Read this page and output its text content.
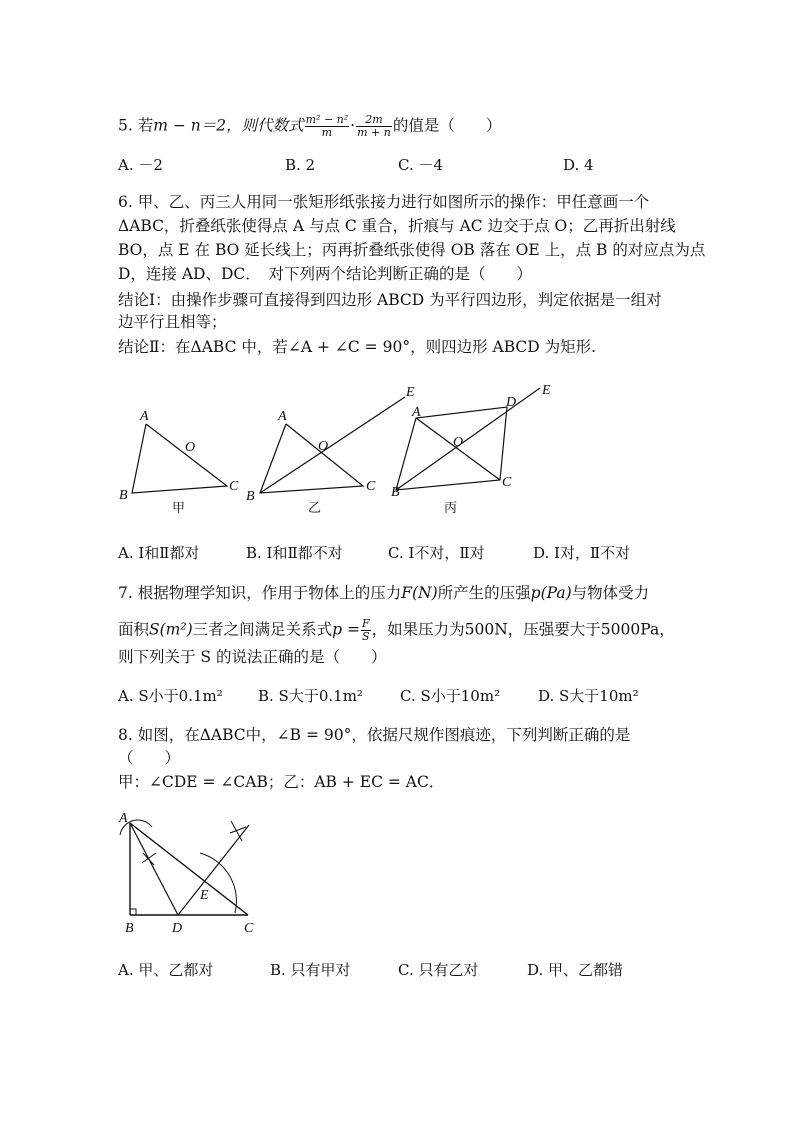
5. 若m − n＝2，则代数式 $\frac{\text{m² − n²}}{m} \cdot \frac{2m}{m + n}$ 的值是（　　）
A. －2	B. 2	C. －4	D. 4
6. 甲、乙、丙三人用同一张矩形纸张接力进行如图所示的操作：甲任意画一个
ΔABC，折叠纸张使得点 A 与点 C 重合，折痕与 AC 边交于点 O；乙再折出射线
BO，点 E 在 BO 延长线上；丙再折叠纸张使得 OB 落在 OE 上，点 B 的对应点为点
D，连接 AD、DC．　对下列两个结论判断正确的是（　　）
结论Ⅰ：由操作步骤可直接得到四边形 ABCD 为平行四边形，判定依据是一组对
边平行且相等；
结论Ⅱ：在ΔABC 中，若∠A + ∠C = 90°，则四边形 ABCD 为矩形.
A
B
C
O
甲
A
B
C
O
E
乙
A
B
C
O
D
E
丙
A. Ⅰ和Ⅱ都对	B. Ⅰ和Ⅱ都不对	C. Ⅰ不对，Ⅱ对	D. Ⅰ对，Ⅱ不对
7. 根据物理学知识，作用于物体上的压力F(N)所产生的压强p(Pa)与物体受力
面积S(m²)三者之间满足关系式$p = \frac{F}{S}$ ，如果压力为500N，压强要大于5000Pa，
则下列关于 S 的说法正确的是（　　）
A. S小于0.1m² B. S大于0.1m² C. S小于10m²	D. S大于10m²
8. 如图，在ΔABC中，∠B = 90°，依据尺规作图痕迹，下列判断正确的是
（　　）
甲：∠CDE = ∠CAB；乙：AB + EC = AC．
A
B	D	C
E
A. 甲、乙都对	B. 只有甲对	C. 只有乙对	D. 甲、乙都错
